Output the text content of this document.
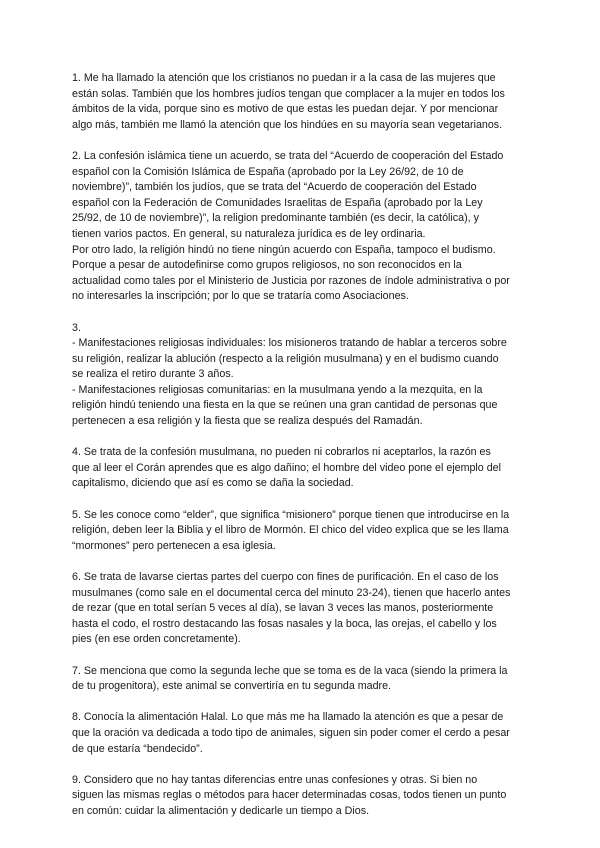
1. Me ha llamado la atención que los cristianos no puedan ir a la casa de las mujeres que
están solas. También que los hombres judíos tengan que complacer a la mujer en todos los
ámbitos de la vida, porque sino es motivo de que estas les puedan dejar. Y por mencionar
algo más, también me llamó la atención que los hindúes en su mayoría sean vegetarianos.

2. La confesión islámica tiene un acuerdo, se trata del “Acuerdo de cooperación del Estado
español con la Comisión Islámica de España (aprobado por la Ley 26/92, de 10 de
noviembre)”, también los judíos, que se trata del “Acuerdo de cooperación del Estado
español con la Federación de Comunidades Israelitas de España (aprobado por la Ley
25/92, de 10 de noviembre)”, la religion predominante también (es decir, la católica), y
tienen varios pactos. En general, su naturaleza jurídica es de ley ordinaria.
Por otro lado, la religión hindú no tiene ningún acuerdo con España, tampoco el budismo.
Porque a pesar de autodefinirse como grupos religiosos, no son reconocidos en la
actualidad como tales por el Ministerio de Justicia por razones de índole administrativa o por
no interesarles la inscripción; por lo que se trataría como Asociaciones.

3.
- Manifestaciones religiosas individuales: los misioneros tratando de hablar a terceros sobre
su religión, realizar la ablución (respecto a la religión musulmana) y en el budismo cuando
se realiza el retiro durante 3 años.
- Manifestaciones religiosas comunitarias: en la musulmana yendo a la mezquita, en la
religión hindú teniendo una fiesta en la que se reúnen una gran cantidad de personas que
pertenecen a esa religión y la fiesta que se realiza después del Ramadán.

4. Se trata de la confesión musulmana, no pueden ni cobrarlos ni aceptarlos, la razón es
que al leer el Corán aprendes que es algo dañino; el hombre del video pone el ejemplo del
capitalismo, diciendo que así es como se daña la sociedad.

5. Se les conoce como “elder”, que significa “misionero” porque tienen que introducirse en la
religión, deben leer la Biblia y el libro de Mormón. El chico del video explica que se les llama
“mormones” pero pertenecen a esa iglesia.

6. Se trata de lavarse ciertas partes del cuerpo con fines de purificación. En el caso de los
musulmanes (como sale en el documental cerca del minuto 23-24), tienen que hacerlo antes
de rezar (que en total serían 5 veces al día), se lavan 3 veces las manos, posteriormente
hasta el codo, el rostro destacando las fosas nasales y la boca, las orejas, el cabello y los
pies (en ese orden concretamente).

7. Se menciona que como la segunda leche que se toma es de la vaca (siendo la primera la
de tu progenitora), este animal se convertiría en tu segunda madre.

8. Conocía la alimentación Halal. Lo que más me ha llamado la atención es que a pesar de
que la oración va dedicada a todo tipo de animales, siguen sin poder comer el cerdo a pesar
de que estaría “bendecido”.

9. Considero que no hay tantas diferencias entre unas confesiones y otras. Si bien no
siguen las mismas reglas o métodos para hacer determinadas cosas, todos tienen un punto
en común: cuidar la alimentación y dedicarle un tiempo a Dios.
